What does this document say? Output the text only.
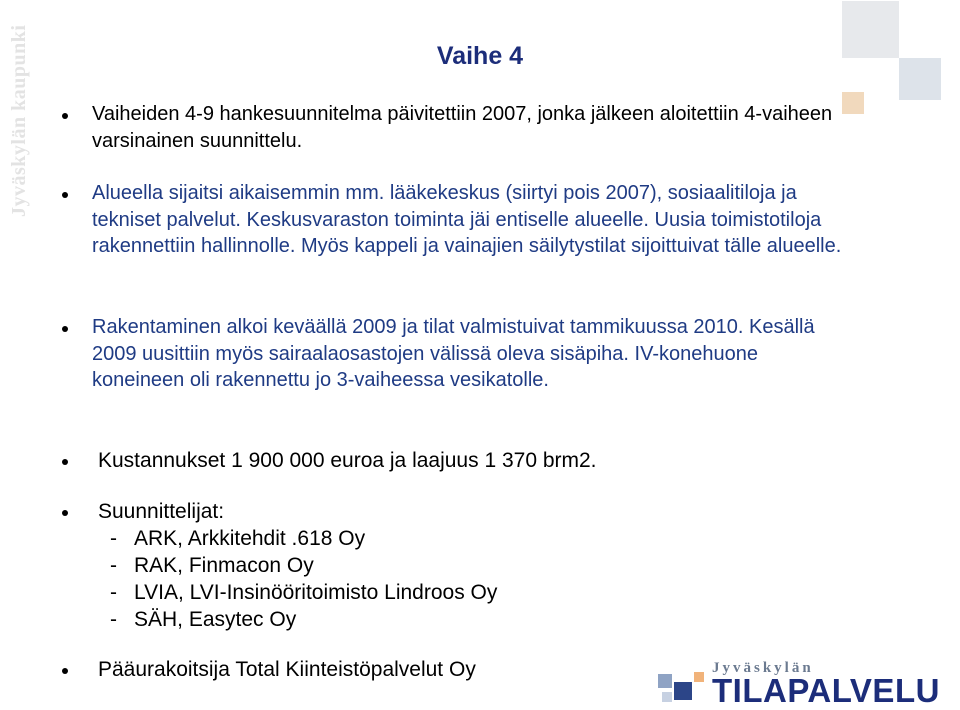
Jyväskylän kaupunki	Vaihe 4
Vaiheiden 4-9 hankesuunnitelma päivitettiin 2007, jonka jälkeen aloitettiin 4-vaiheen varsinainen suunnittelu.
Alueella sijaitsi aikaisemmin mm. lääkekeskus (siirtyi pois 2007), sosiaalitiloja ja tekniset palvelut. Keskusvaraston toiminta jäi entiselle alueelle. Uusia toimistotiloja rakennettiin hallinnolle. Myös kappeli ja vainajien säilytystilat sijoittuivat tälle alueelle.
Rakentaminen alkoi keväällä 2009 ja tilat valmistuivat tammikuussa 2010. Kesällä 2009 uusittiin myös sairaalaosastojen välissä oleva sisäpiha. IV-konehuone koneineen oli rakennettu jo 3-vaiheessa vesikatolle.
Kustannukset 1 900 000 euroa ja laajuus 1 370 brm2.
Suunnittelijat:
- ARK, Arkkitehdit .618 Oy
- RAK, Finmacon Oy
- LVIA, LVI-Insinööritoimisto Lindroos Oy
- SÄH, Easytec Oy
Pääurakoitsija Total Kiinteistöpalvelut Oy	Jyväskylän
TILAPALVELU
